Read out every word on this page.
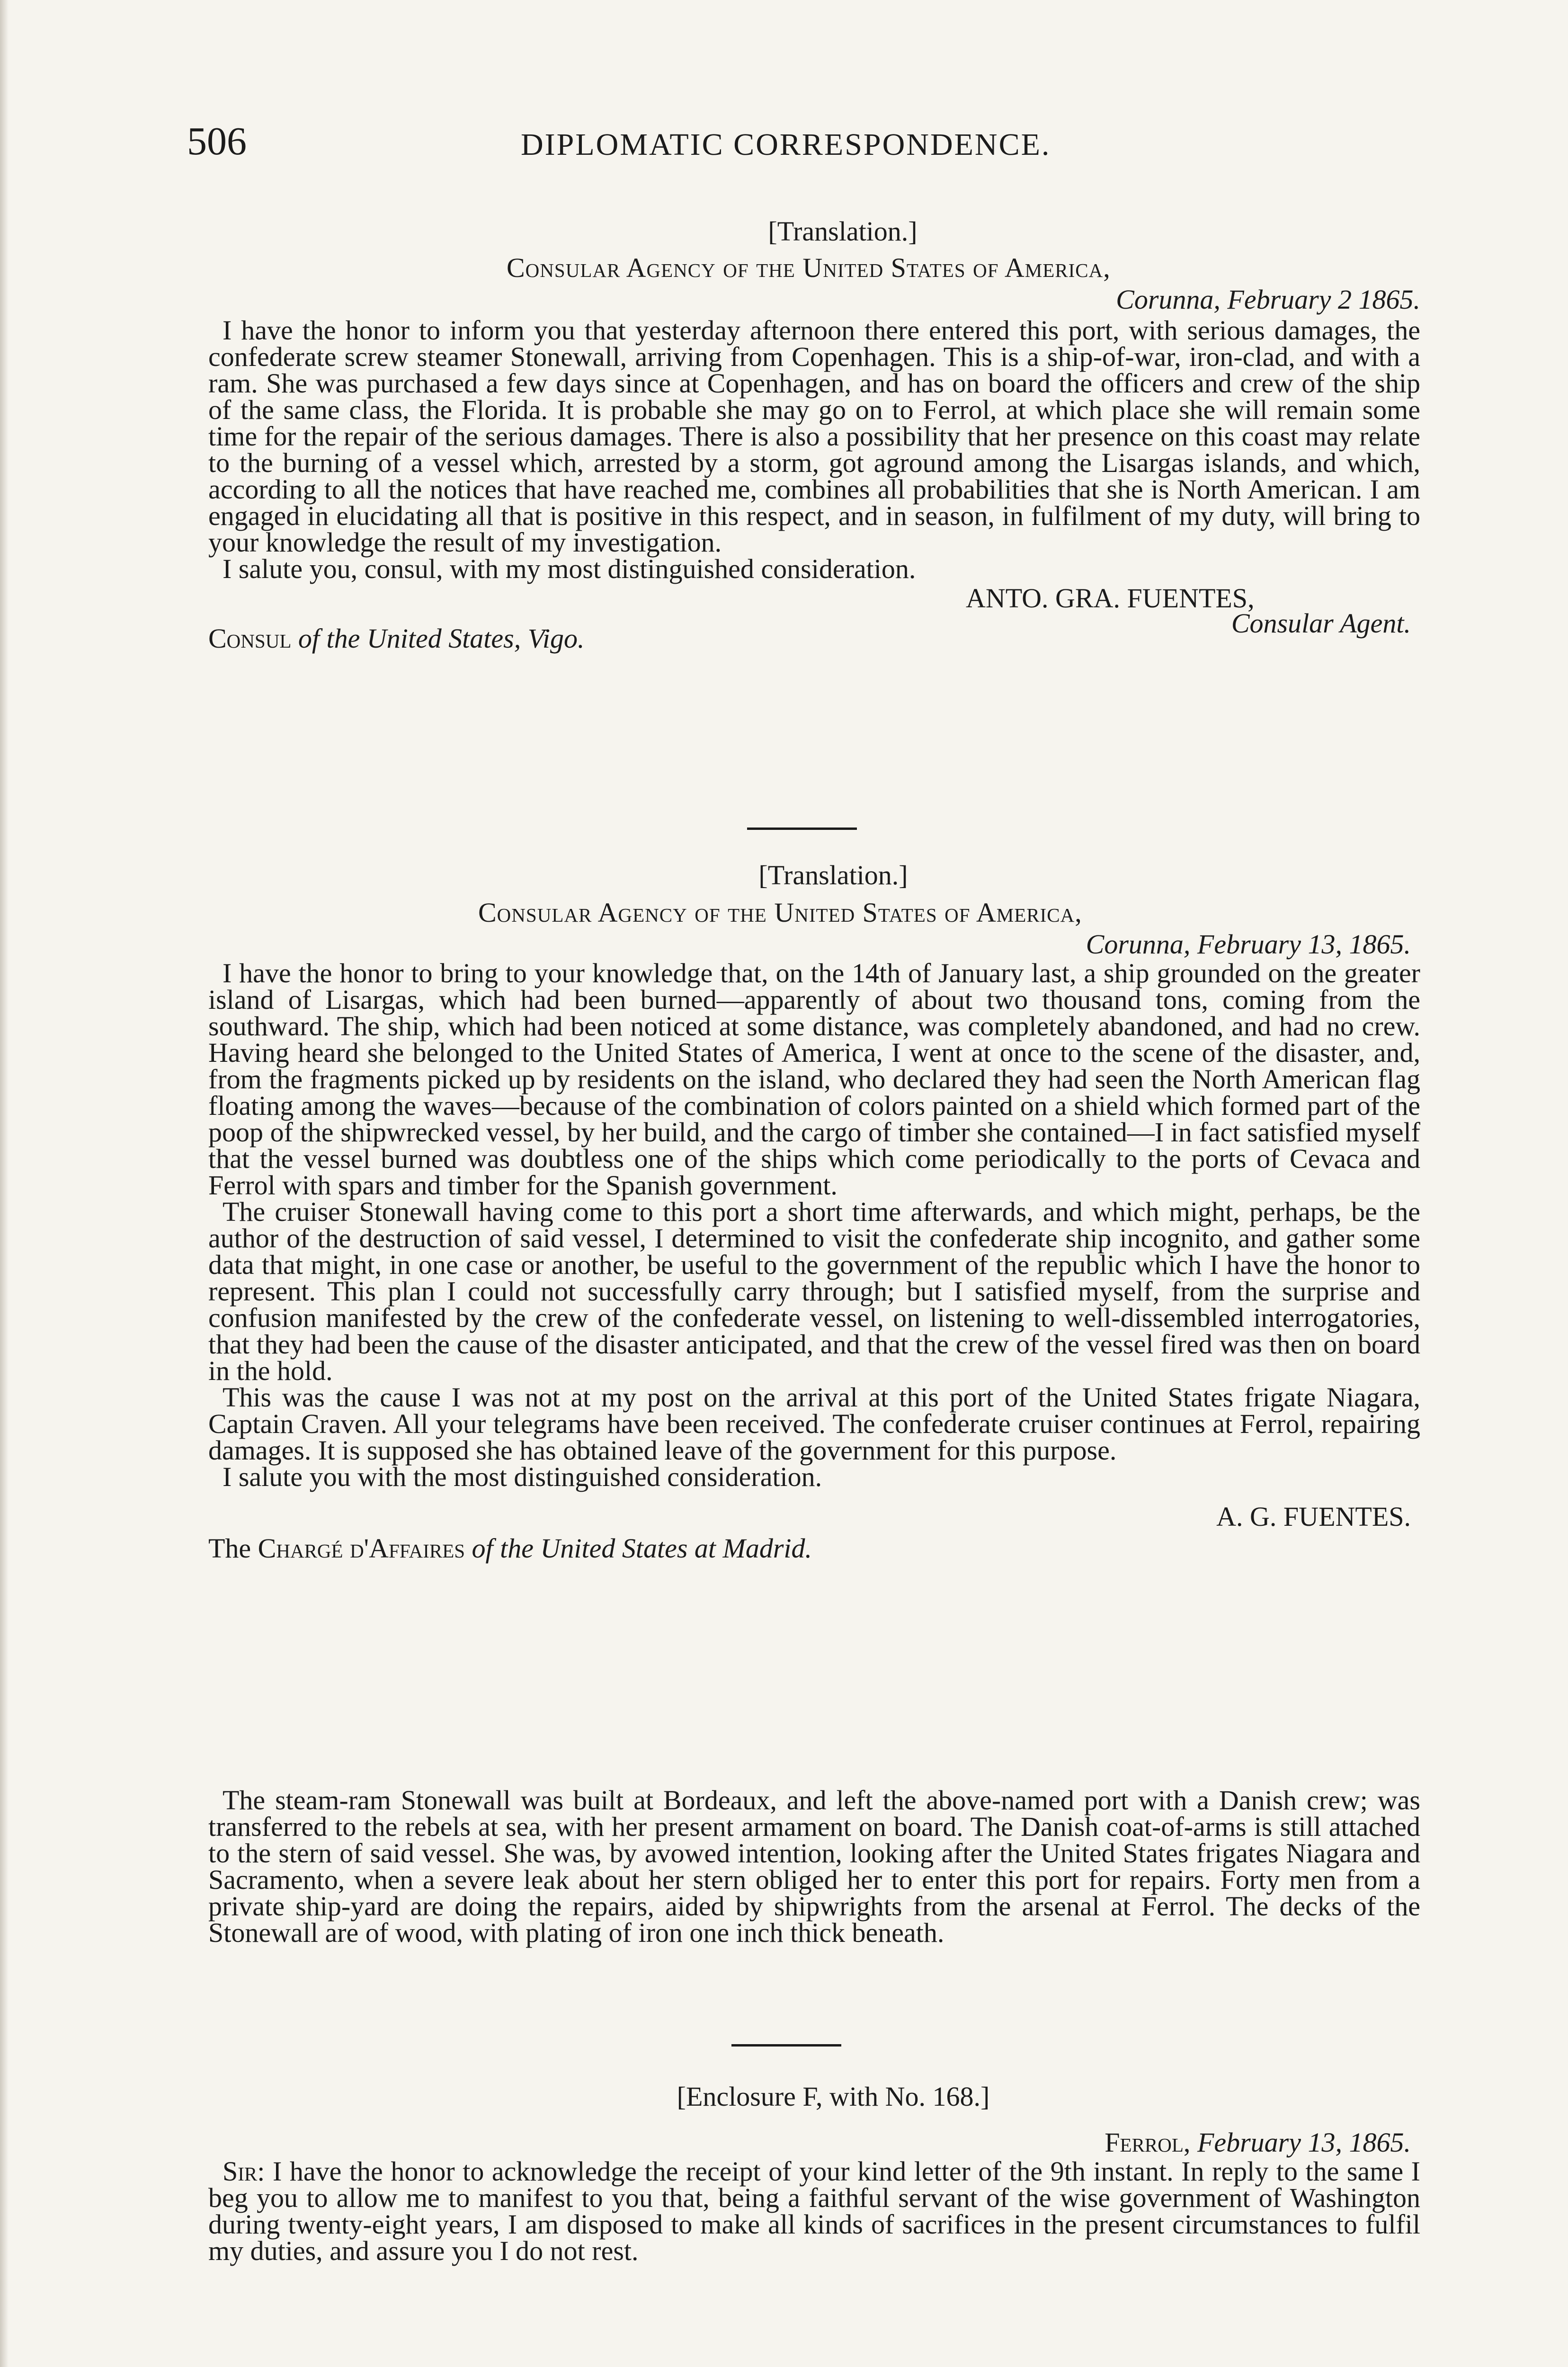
506	DIPLOMATIC CORRESPONDENCE.
[Translation.]
Consular Agency of the United States of America,
Corunna, February 2 1865.

I have the honor to inform you that yesterday afternoon there entered this port, with serious damages, the confederate screw steamer Stonewall, arriving from Copenhagen. This is a ship-of-war, iron-clad, and with a ram. She was purchased a few days since at Copenhagen, and has on board the officers and crew of the ship of the same class, the Florida. It is probable she may go on to Ferrol, at which place she will remain some time for the repair of the serious damages. There is also a possibility that her presence on this coast may relate to the burning of a vessel which, arrested by a storm, got aground among the Lisargas islands, and which, according to all the notices that have reached me, combines all probabilities that she is North American. I am engaged in elucidating all that is positive in this respect, and in season, in fulfilment of my duty, will bring to your knowledge the result of my investigation.

I salute you, consul, with my most distinguished consideration.

ANTO. GRA. FUENTES,
Consul of the United States, Vigo.	Consular Agent.
[Translation.]
Consular Agency of the United States of America,
Corunna, February 13, 1865.

I have the honor to bring to your knowledge that, on the 14th of January last, a ship grounded on the greater island of Lisargas, which had been burned—apparently of about two thousand tons, coming from the southward. The ship, which had been noticed at some distance, was completely abandoned, and had no crew. Having heard she belonged to the United States of America, I went at once to the scene of the disaster, and, from the fragments picked up by residents on the island, who declared they had seen the North American flag floating among the waves—because of the combination of colors painted on a shield which formed part of the poop of the shipwrecked vessel, by her build, and the cargo of timber she contained—I in fact satisfied myself that the vessel burned was doubtless one of the ships which come periodically to the ports of Cevaca and Ferrol with spars and timber for the Spanish government.

The cruiser Stonewall having come to this port a short time afterwards, and which might, perhaps, be the author of the destruction of said vessel, I determined to visit the confederate ship incognito, and gather some data that might, in one case or another, be useful to the government of the republic which I have the honor to represent. This plan I could not successfully carry through; but I satisfied myself, from the surprise and confusion manifested by the crew of the confederate vessel, on listening to well-dissembled interrogatories, that they had been the cause of the disaster anticipated, and that the crew of the vessel fired was then on board in the hold.

This was the cause I was not at my post on the arrival at this port of the United States frigate Niagara, Captain Craven. All your telegrams have been received. The confederate cruiser continues at Ferrol, repairing damages. It is supposed she has obtained leave of the government for this purpose.

I salute you with the most distinguished consideration.

A. G. FUENTES.
The Chargé d'Affaires of the United States at Madrid.

The steam-ram Stonewall was built at Bordeaux, and left the above-named port with a Danish crew; was transferred to the rebels at sea, with her present armament on board. The Danish coat-of-arms is still attached to the stern of said vessel. She was, by avowed intention, looking after the United States frigates Niagara and Sacramento, when a severe leak about her stern obliged her to enter this port for repairs. Forty men from a private ship-yard are doing the repairs, aided by shipwrights from the arsenal at Ferrol. The decks of the Stonewall are of wood, with plating of iron one inch thick beneath.

[Enclosure F, with No. 168.]
Ferrol, February 13, 1865.

Sir: I have the honor to acknowledge the receipt of your kind letter of the 9th instant. In reply to the same I beg you to allow me to manifest to you that, being a faithful servant of the wise government of Washington during twenty-eight years, I am disposed to make all kinds of sacrifices in the present circumstances to fulfil my duties, and assure you I do not rest.
